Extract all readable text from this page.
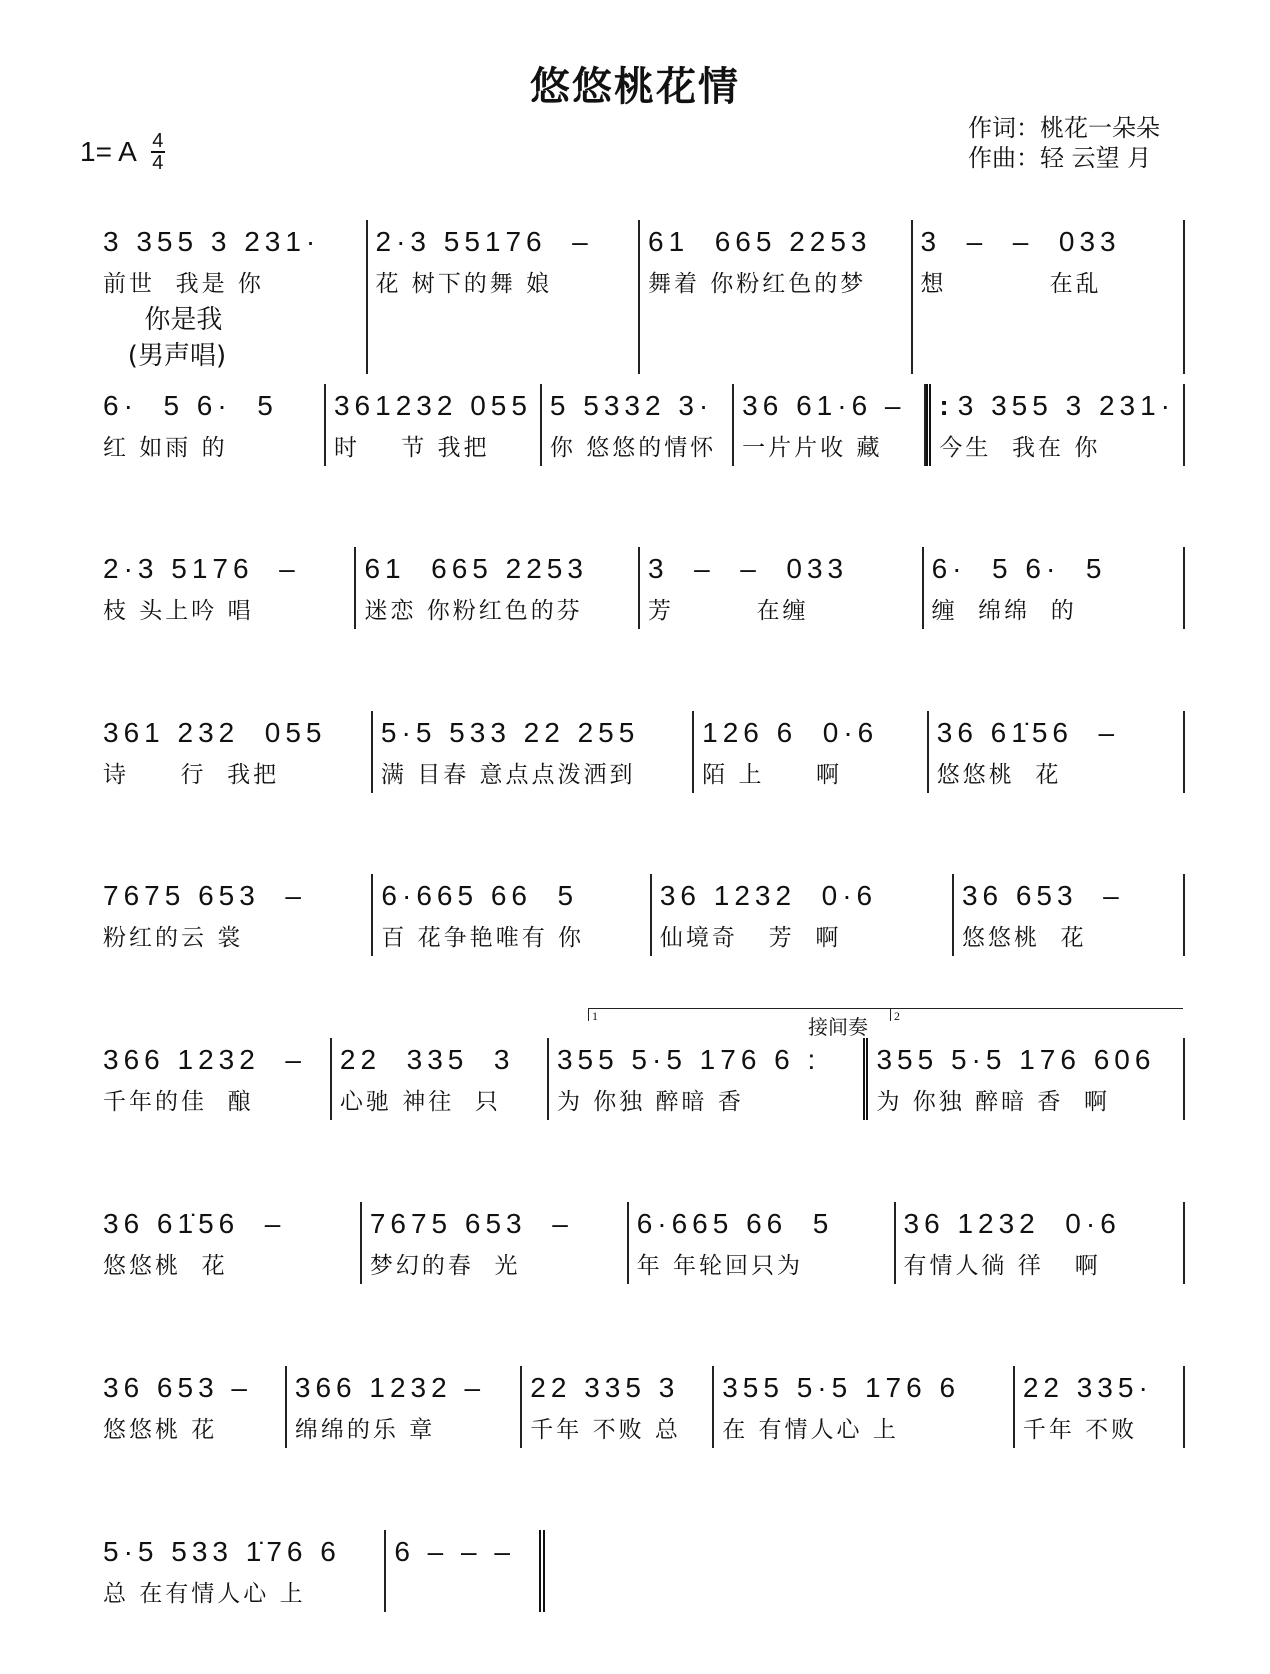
悠悠桃花情
1= A 4
4
作词：桃花一朵朵
作曲：轻 云望 月
1	接间奏	2
3 355 3 231·
前世  我是 你
你是我
(男声唱)
2·3 55176  –
花 树下的舞 娘
61  665 2253
舞着 你粉红色的梦
3  –  –  033
想          在乱
6·  5 6·  5
红 如雨 的
361232 055
时    节 我把
5 5332 3·
你 悠悠的情怀
36 61·6 –
一片片收 藏
: 3 355 3 231·
今生  我在 你
2·3 5176  –
枝 头上吟 唱
61  665 2253
迷恋 你粉红色的芬
3  –  –  033
芳        在缠
6·  5 6·  5
缠  绵绵  的
361 232  055
诗     行  我把
5·5 533 22 255
满 目春 意点点泼洒到
126 6  0·6
陌 上     啊
36 61̇56  –
悠悠桃  花
7675 653  –
粉红的云 裳
6·665 66  5
百 花争艳唯有 你
36 1232  0·6
仙境奇   芳  啊
36 653  –
悠悠桃  花
366 1232  –
千年的佳  酿
22  335  3
心驰 神往  只
355 5·5 176 6 :
为 你独 醉暗 香
355 5·5 176 606
为 你独 醉暗 香  啊
36 61̇56  –
悠悠桃  花
7675 653  –
梦幻的春  光
6·665 66  5
年 年轮回只为
36 1232  0·6
有情人徜 徉   啊
36 653 –
悠悠桃 花
366 1232 –
绵绵的乐 章
22 335 3
千年 不败 总
355 5·5 176 6
在 有情人心 上
22 335·
千年 不败
5·5 533 1̇76 6
总 在有情人心 上
6 – – –
